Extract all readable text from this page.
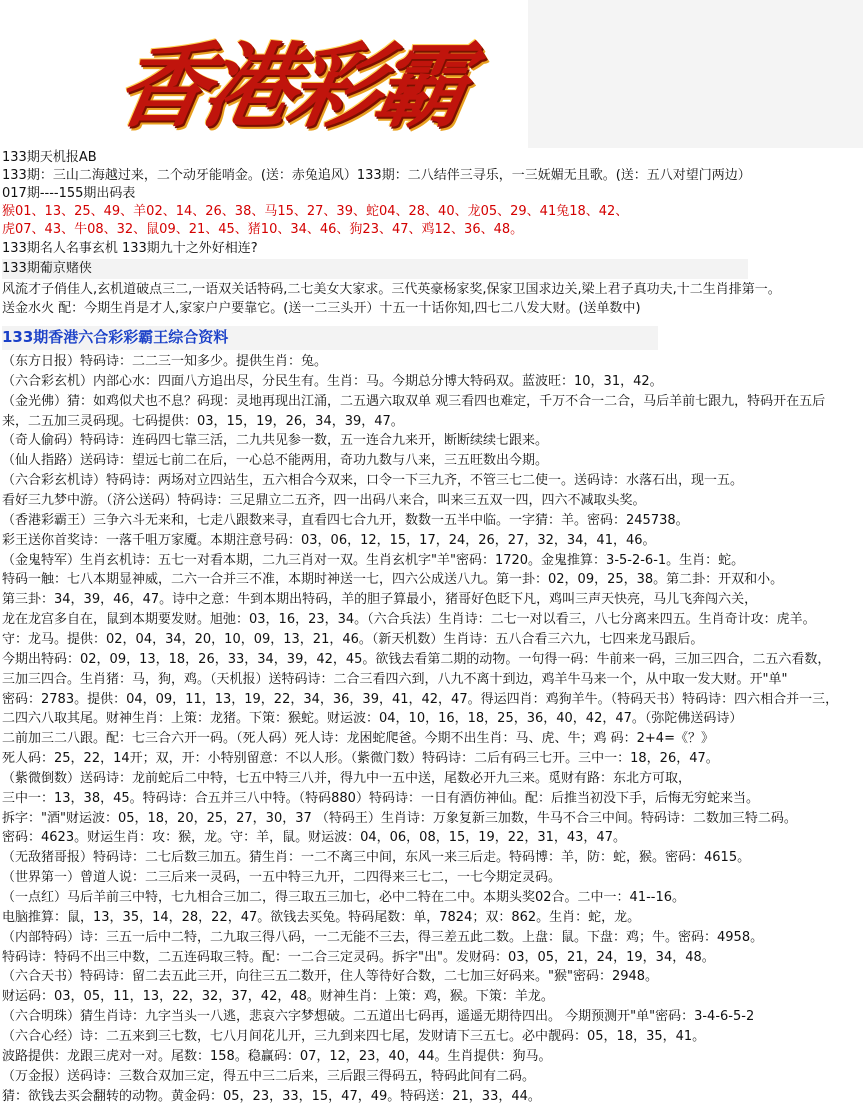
香港彩霸
133期天机报AB
133期：三山二海越过来，二个动牙能哨金。(送：赤兔追风）133期：二八结伴三寻乐，一三妩媚无且歌。(送：五八对望门两边）
017期----155期出码表
猴01、13、25、49、羊02、14、26、38、马15、27、39、蛇04、28、40、龙05、29、41兔18、42、
虎07、43、牛08、32、鼠09、21、45、猪10、34、46、狗23、47、鸡12、36、48。
133期名人名事玄机 133期九十之外好相连?
133期葡京赌侠
风流才子俏佳人,玄机道破点三二,一语双关话特码,二七美女大家求。三代英豪杨家奖,保家卫国求边关,梁上君子真功夫,十二生肖排第一。
送金水火 配：今期生肖是才人,家家户户要靠它。(送一二三头开）十五一十话你知,四七二八发大财。(送单数中)
133期香港六合彩彩霸王综合资料
（东方日报）特码诗：二二三一知多少。提供生肖：兔。
（六合彩玄机）内部心水：四面八方追出尽，分民生有。生肖：马。今期总分博大特码双。蓝波旺：10，31，42。
（金光佛）猜：如鸡似犬也不息？码现：灵地再现出江涌，二五遇六取双单 观三看四也难定，千万不合一二合，马后羊前七跟九，特码开在五后
来，二五加三灵码现。七码提供：03，15，19，26，34，39，47。
（奇人偷码）特码诗：连码四七靠三活，二九共见参一数，五一连合九来开，断断续续七跟来。
（仙人指路）送码诗：望远七前二在后，一心总不能两用，奇功九数与八来，三五旺数出今期。
（六合彩玄机诗）特码诗：两场对立四站生，五六相合今双来，口令一下三九齐，不管三七二使一。送码诗：水落石出，现一五。
看好三九梦中游。（济公送码）特码诗：三足鼎立二五齐，四一出码八来合，叫来三五双一四，四六不减取头奖。
（香港彩霸王）三争六斗无来和，七走八跟数来寻，直看四七合九开，数数一五半中临。一字猜：羊。密码：245738。
彩王送你首奖诗：一落千咀万家魇。本期注意号码：03，06，12，15，17，24，26，27，32，34，41，46。
（金鬼特军）生肖玄机诗：五七一对看本期，二九三肖对一双。生肖玄机字"羊"密码：1720。金鬼推算：3-5-2-6-1。生肖：蛇。
特码一触：七八本期显神威，二六一合并三不准，本期时神送一七，四六公成送八九。第一卦：02，09，25，38。第二卦：开双和小。
第三卦：34，39，46，47。诗中之意：牛到本期出特码，羊的胆子算最小，猪哥好色眨下凡，鸡叫三声天快亮，马儿飞奔闯六关，
龙在龙宫多自在，鼠到本期要发财。旭弛：03，16，23，34。（六合兵法）生肖诗：二七一对以看三，八七分离来四五。生肖奇计攻：虎羊。
守：龙马。提供：02，04，34，20，10，09，13，21，46。（新天机数）生肖诗：五八合看三六九，七四来龙马跟后。
今期出特码：02，09，13，18，26，33，34，39，42，45。欲钱去看第二期的动物。一句得一码：牛前来一码，三加三四合，二五六看数，
三加三四合。生肖猪：马，狗，鸡。（天机报）送特码诗：二合三看四六到，八九不离十到边，鸡羊牛马来一个，从中取一发大财。开"单"
密码：2783。提供：04，09，11，13，19，22，34，36，39，41，42，47。得运四肖：鸡狗羊牛。（特码天书）特码诗：四六相合并一三，
二四六八取其尾。财神生肖：上策：龙猪。下策：猴蛇。财运波：04，10，16，18，25，36，40，42，47。（弥陀佛送码诗）
二前加三二八跟。配：七三合六开一码。（死人码）死人诗：龙困蛇爬爸。今期不出生肖：马、虎、牛；鸡 码：2+4=《？》
死人码：25，22，14开；双，开：小特别留意：不以人形。（紫微门数）特码诗：二后有码三七开。三中一：18，26，47。
（紫微倒数）送码诗：龙前蛇后二中特，七五中特三八并，得九中一五中送，尾数必开九三来。觅财有路：东北方可取，
三中一：13，38，45。特码诗：合五并三八中特。（特码880）特码诗：一日有酒仿神仙。配：后推当初没下手，后悔无穷蛇来当。
拆字："酒"财运波：05，18，20，25，27，30，37 （特码王）生肖诗：万象复新三加数，牛马不合三中间。特码诗：二数加三特二码。
密码：4623。财运生肖：攻：猴，龙。守：羊，鼠。财运波：04，06，08，15，19，22，31，43，47。
（无敌猪哥报）特码诗：二七后数三加五。猜生肖：一二不离三中间，东风一来三后走。特码博：羊，防：蛇，猴。密码：4615。
（世界第一）曾道人说：二三后来一灵码，一五中特三九开，二四得来三七二，一七今期定灵码。
（一点红）马后羊前三中特，七九相合三加二，得三取五三加七，必中二特在二中。本期头奖02合。二中一：41--16。
电脑推算：鼠，13，35，14，28，22，47。欲钱去买兔。特码尾数：单，7824；双：862。生肖：蛇，龙。
（内部特码）诗：三五一后中二特，二九取三得八码，一二无能不三去，得三差五此二数。上盘：鼠。下盘：鸡；牛。密码：4958。
特码诗：特码不出三中数，二五连码取三特。配：一二合三定灵码。拆字"出"。发财码：03，05，21，24，19，34，48。
（六合天书）特码诗：留二去五此三开，向往三五二数开，住人等待好合数，二七加三好码来。"猴"密码：2948。
财运码：03，05，11，13，22，32，37，42，48。财神生肖：上策：鸡，猴。下策：羊龙。
（六合明珠）猜生肖诗：九字当头一八逃，悲哀六字梦想破。二五道出七码再，遥遥无期待四出。 今期预测开"单"密码：3-4-6-5-2
（六合心经）诗：二五来到三七数，七八月间花儿开，三九到来四七尾，发财请下三五七。必中靓码：05，18，35，41。
波路提供：龙跟三虎对一对。尾数：158。稳赢码：07，12，23，40，44。生肖提供：狗马。
（万金报）送码诗：三数合双加三定，得五中三二后来，三后跟三得码五，特码此间有二码。
猜：欲钱去买会翻转的动物。黄金码：05，23，33，15，47，49。特码送：21，33，44。
